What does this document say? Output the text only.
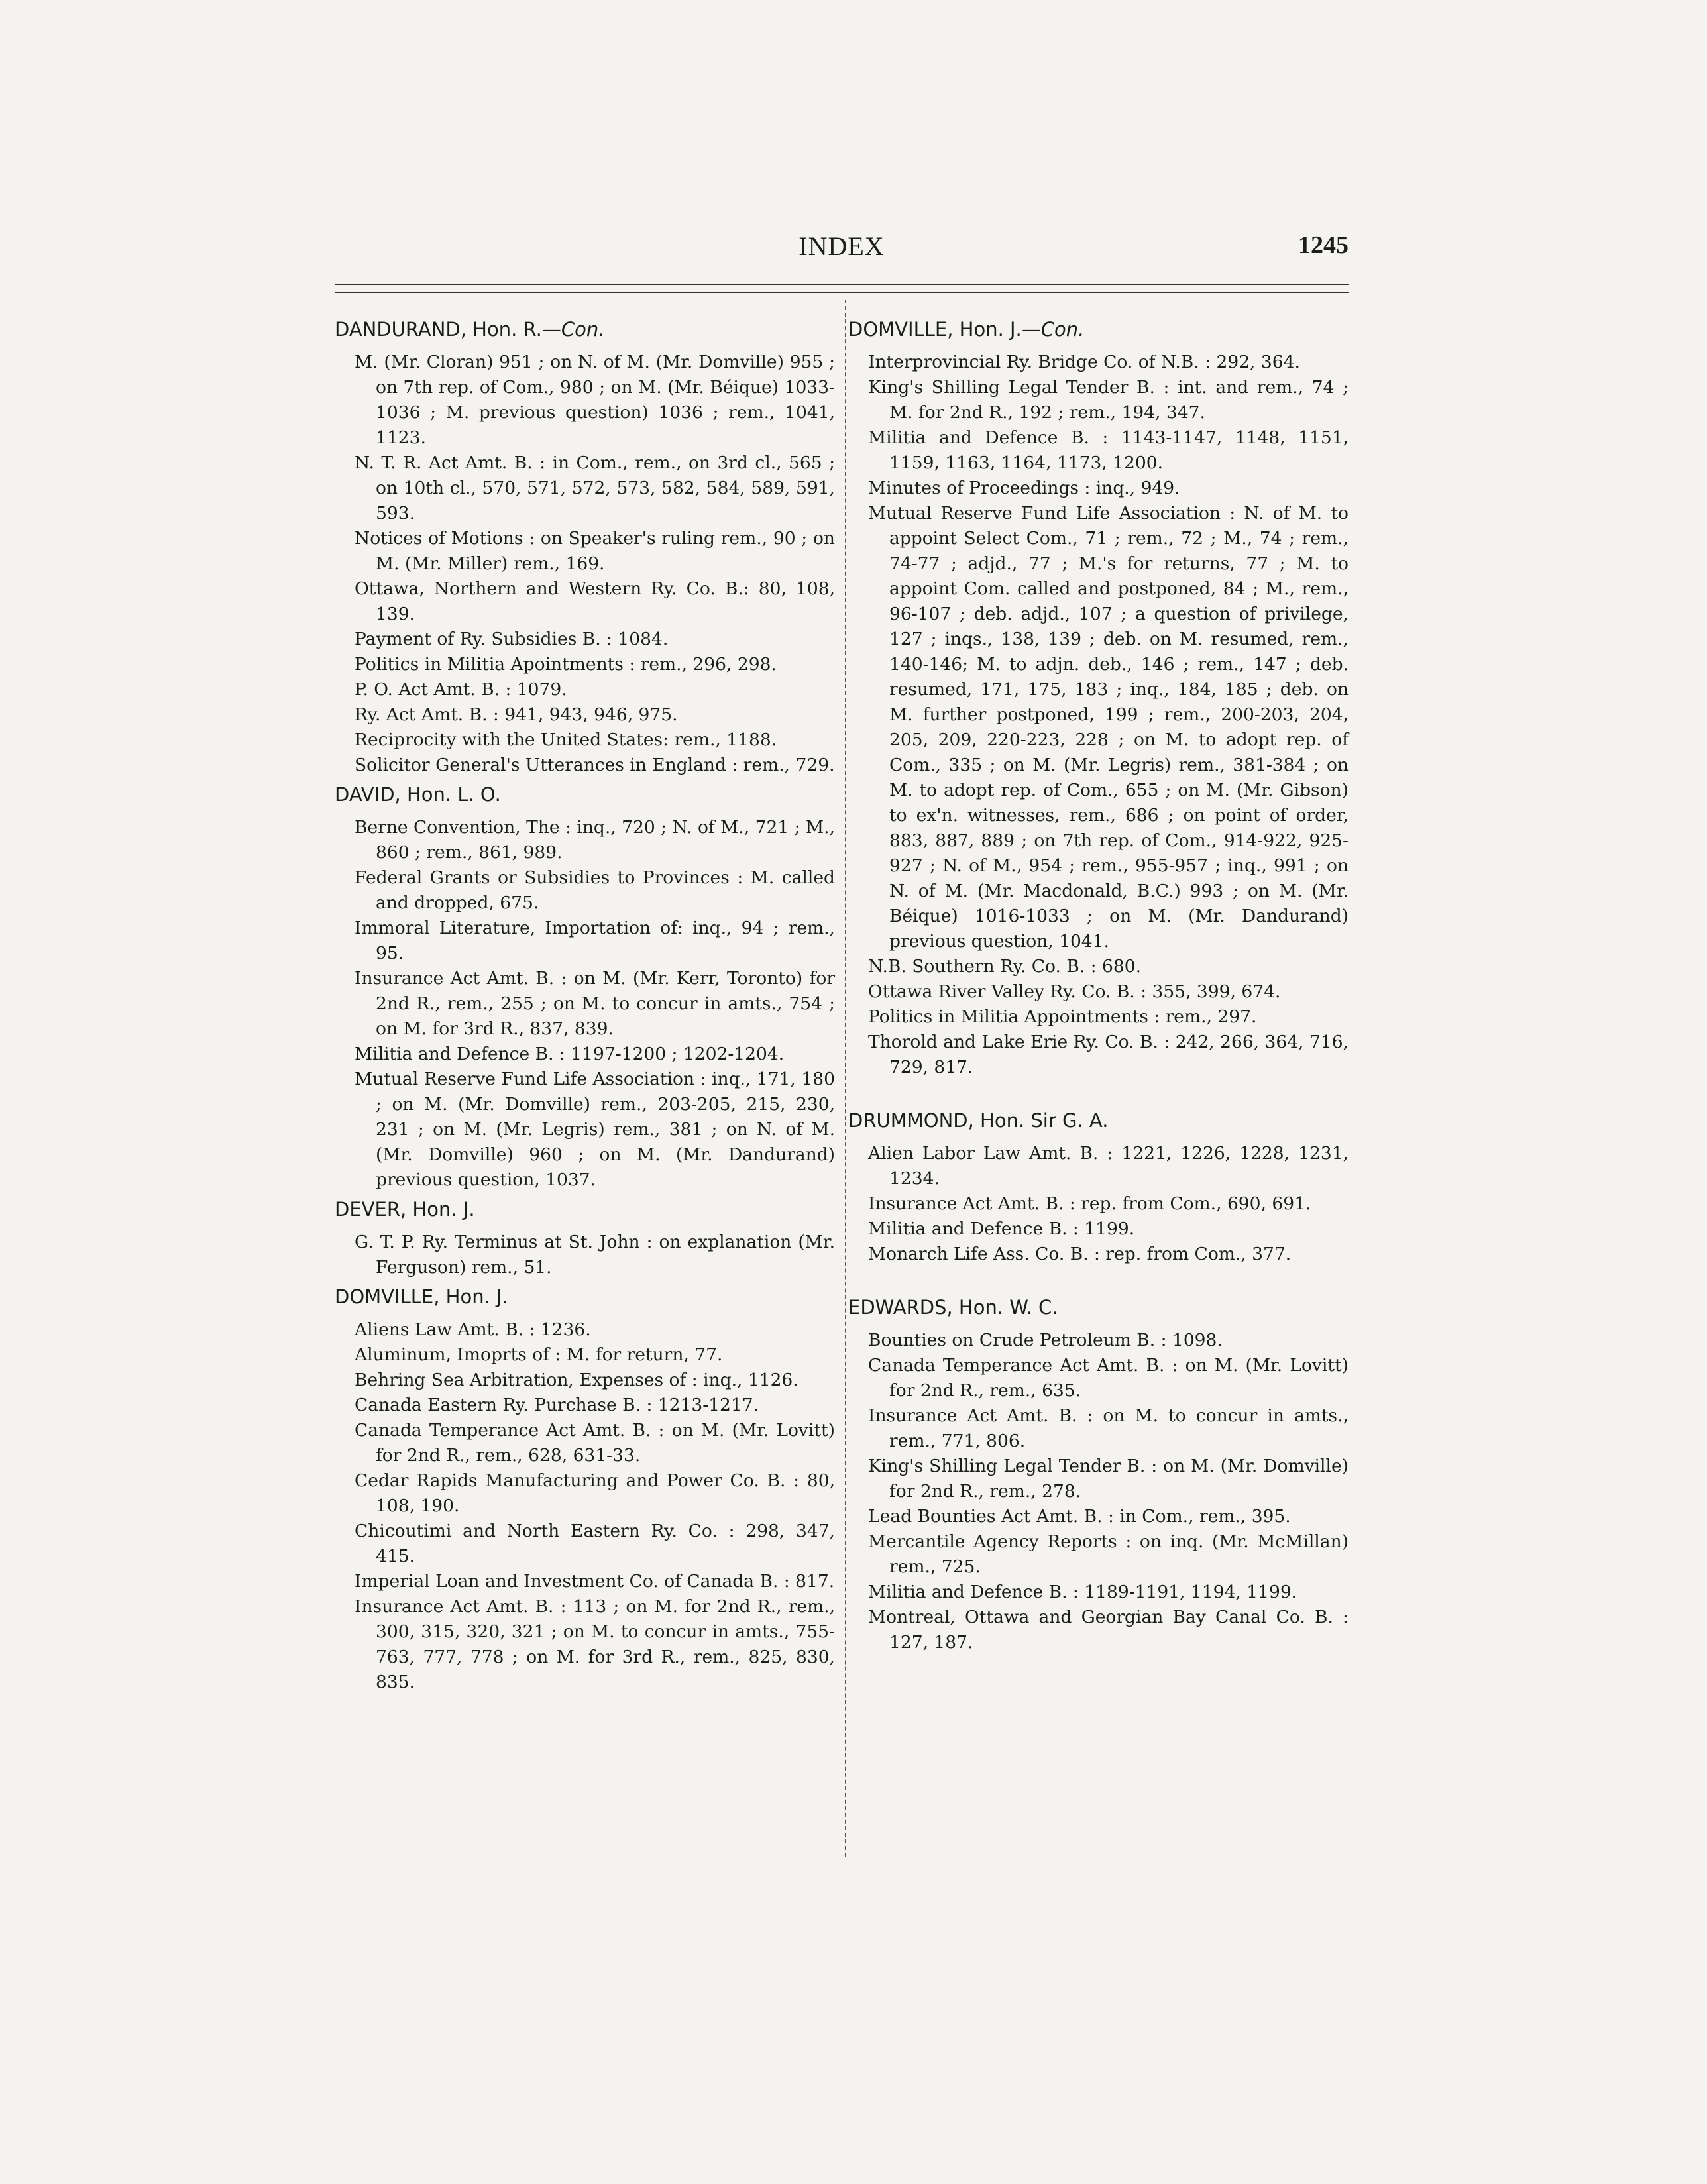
INDEX	1245
DANDURAND, Hon. R.—Con.

M. (Mr. Cloran) 951 ; on N. of M. (Mr. Domville) 955 ; on 7th rep. of Com., 980 ; on M. (Mr. Béique) 1033-1036 ; M. previous question) 1036 ; rem., 1041, 1123.

N. T. R. Act Amt. B. : in Com., rem., on 3rd cl., 565 ; on 10th cl., 570, 571, 572, 573, 582, 584, 589, 591, 593.

Notices of Motions : on Speaker's ruling rem., 90 ; on M. (Mr. Miller) rem., 169.

Ottawa, Northern and Western Ry. Co. B.: 80, 108, 139.

Payment of Ry. Subsidies B. : 1084.

Politics in Militia Apointments : rem., 296, 298.

P. O. Act Amt. B. : 1079.

Ry. Act Amt. B. : 941, 943, 946, 975.

Reciprocity with the United States: rem., 1188.

Solicitor General's Utterances in England : rem., 729.

DAVID, Hon. L. O.

Berne Convention, The : inq., 720 ; N. of M., 721 ; M., 860 ; rem., 861, 989.

Federal Grants or Subsidies to Provinces : M. called and dropped, 675.

Immoral Literature, Importation of: inq., 94 ; rem., 95.

Insurance Act Amt. B. : on M. (Mr. Kerr, Toronto) for 2nd R., rem., 255 ; on M. to concur in amts., 754 ; on M. for 3rd R., 837, 839.

Militia and Defence B. : 1197-1200 ; 1202-1204.

Mutual Reserve Fund Life Association : inq., 171, 180 ; on M. (Mr. Domville) rem., 203-205, 215, 230, 231 ; on M. (Mr. Legris) rem., 381 ; on N. of M. (Mr. Domville) 960 ; on M. (Mr. Dandurand) previous question, 1037.

DEVER, Hon. J.

G. T. P. Ry. Terminus at St. John : on explanation (Mr. Ferguson) rem., 51.

DOMVILLE, Hon. J.

Aliens Law Amt. B. : 1236.

Aluminum, Imoprts of : M. for return, 77.

Behring Sea Arbitration, Expenses of : inq., 1126.

Canada Eastern Ry. Purchase B. : 1213-1217.

Canada Temperance Act Amt. B. : on M. (Mr. Lovitt) for 2nd R., rem., 628, 631-33.

Cedar Rapids Manufacturing and Power Co. B. : 80, 108, 190.

Chicoutimi and North Eastern Ry. Co. : 298, 347, 415.

Imperial Loan and Investment Co. of Canada B. : 817.

Insurance Act Amt. B. : 113 ; on M. for 2nd R., rem., 300, 315, 320, 321 ; on M. to concur in amts., 755-763, 777, 778 ; on M. for 3rd R., rem., 825, 830, 835.

DOMVILLE, Hon. J.—Con.

Interprovincial Ry. Bridge Co. of N.B. : 292, 364.

King's Shilling Legal Tender B. : int. and rem., 74 ; M. for 2nd R., 192 ; rem., 194, 347.

Militia and Defence B. : 1143-1147, 1148, 1151, 1159, 1163, 1164, 1173, 1200.

Minutes of Proceedings : inq., 949.

Mutual Reserve Fund Life Association : N. of M. to appoint Select Com., 71 ; rem., 72 ; M., 74 ; rem., 74-77 ; adjd., 77 ; M.'s for returns, 77 ; M. to appoint Com. called and postponed, 84 ; M., rem., 96-107 ; deb. adjd., 107 ; a question of privilege, 127 ; inqs., 138, 139 ; deb. on M. resumed, rem., 140-146; M. to adjn. deb., 146 ; rem., 147 ; deb. resumed, 171, 175, 183 ; inq., 184, 185 ; deb. on M. further postponed, 199 ; rem., 200-203, 204, 205, 209, 220-223, 228 ; on M. to adopt rep. of Com., 335 ; on M. (Mr. Legris) rem., 381-384 ; on M. to adopt rep. of Com., 655 ; on M. (Mr. Gibson) to ex'n. witnesses, rem., 686 ; on point of order, 883, 887, 889 ; on 7th rep. of Com., 914-922, 925-927 ; N. of M., 954 ; rem., 955-957 ; inq., 991 ; on N. of M. (Mr. Macdonald, B.C.) 993 ; on M. (Mr. Béique) 1016-1033 ; on M. (Mr. Dandurand) previous question, 1041.

N.B. Southern Ry. Co. B. : 680.

Ottawa River Valley Ry. Co. B. : 355, 399, 674.

Politics in Militia Appointments : rem., 297.

Thorold and Lake Erie Ry. Co. B. : 242, 266, 364, 716, 729, 817.

DRUMMOND, Hon. Sir G. A.

Alien Labor Law Amt. B. : 1221, 1226, 1228, 1231, 1234.

Insurance Act Amt. B. : rep. from Com., 690, 691.

Militia and Defence B. : 1199.

Monarch Life Ass. Co. B. : rep. from Com., 377.

EDWARDS, Hon. W. C.

Bounties on Crude Petroleum B. : 1098.

Canada Temperance Act Amt. B. : on M. (Mr. Lovitt) for 2nd R., rem., 635.

Insurance Act Amt. B. : on M. to concur in amts., rem., 771, 806.

King's Shilling Legal Tender B. : on M. (Mr. Domville) for 2nd R., rem., 278.

Lead Bounties Act Amt. B. : in Com., rem., 395.

Mercantile Agency Reports : on inq. (Mr. McMillan) rem., 725.

Militia and Defence B. : 1189-1191, 1194, 1199.

Montreal, Ottawa and Georgian Bay Canal Co. B. : 127, 187.
